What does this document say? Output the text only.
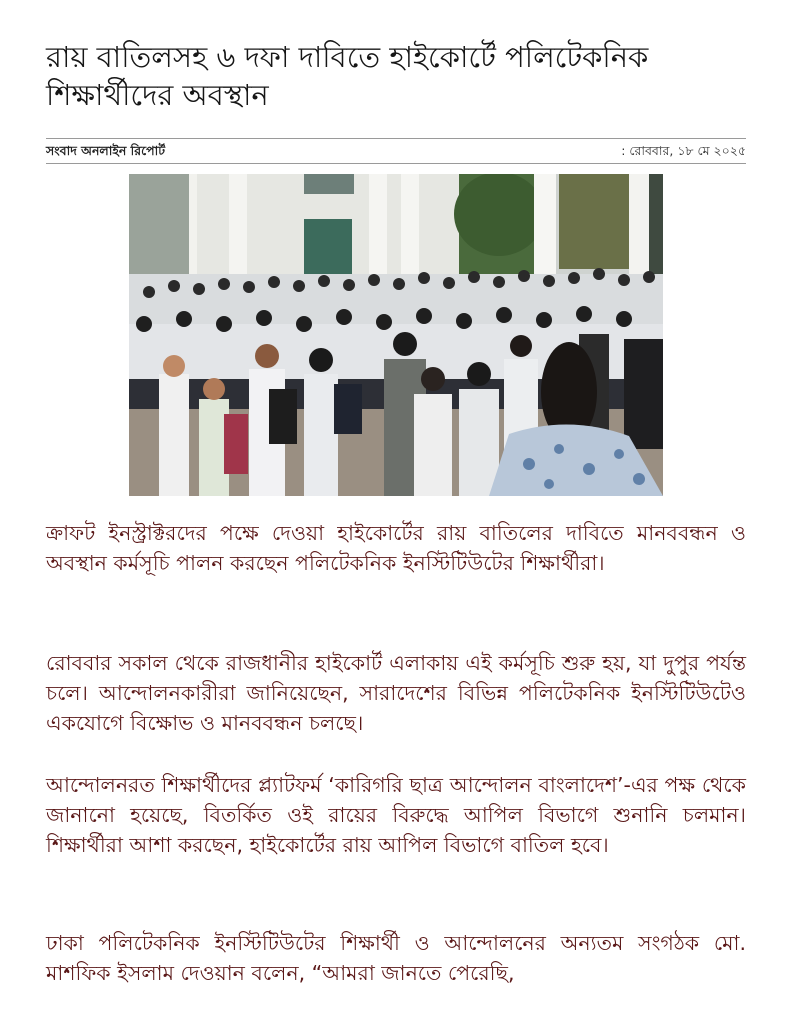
রায় বাতিলসহ ৬ দফা দাবিতে হাইকোর্টে পলিটেকনিক শিক্ষার্থীদের অবস্থান
সংবাদ অনলাইন রিপোর্ট	: রোববার, ১৮ মে ২০২৫

ক্রাফট ইনস্ট্রাক্টরদের পক্ষে দেওয়া হাইকোর্টের রায় বাতিলের দাবিতে মানববন্ধন ও অবস্থান কর্মসূচি পালন করছেন পলিটেকনিক ইনস্টিটিউটের শিক্ষার্থীরা।

রোববার সকাল থেকে রাজধানীর হাইকোর্ট এলাকায় এই কর্মসূচি শুরু হয়, যা দুপুর পর্যন্ত চলে। আন্দোলনকারীরা জানিয়েছেন, সারাদেশের বিভিন্ন পলিটেকনিক ইনস্টিটিউটেও একযোগে বিক্ষোভ ও মানববন্ধন চলছে।

আন্দোলনরত শিক্ষার্থীদের প্ল্যাটফর্ম ‘কারিগরি ছাত্র আন্দোলন বাংলাদেশ’-এর পক্ষ থেকে জানানো হয়েছে, বিতর্কিত ওই রায়ের বিরুদ্ধে আপিল বিভাগে শুনানি চলমান। শিক্ষার্থীরা আশা করছেন, হাইকোর্টের রায় আপিল বিভাগে বাতিল হবে।

ঢাকা পলিটেকনিক ইনস্টিটিউটের শিক্ষার্থী ও আন্দোলনের অন্যতম সংগঠক মো. মাশফিক ইসলাম দেওয়ান বলেন, “আমরা জানতে পেরেছি,
